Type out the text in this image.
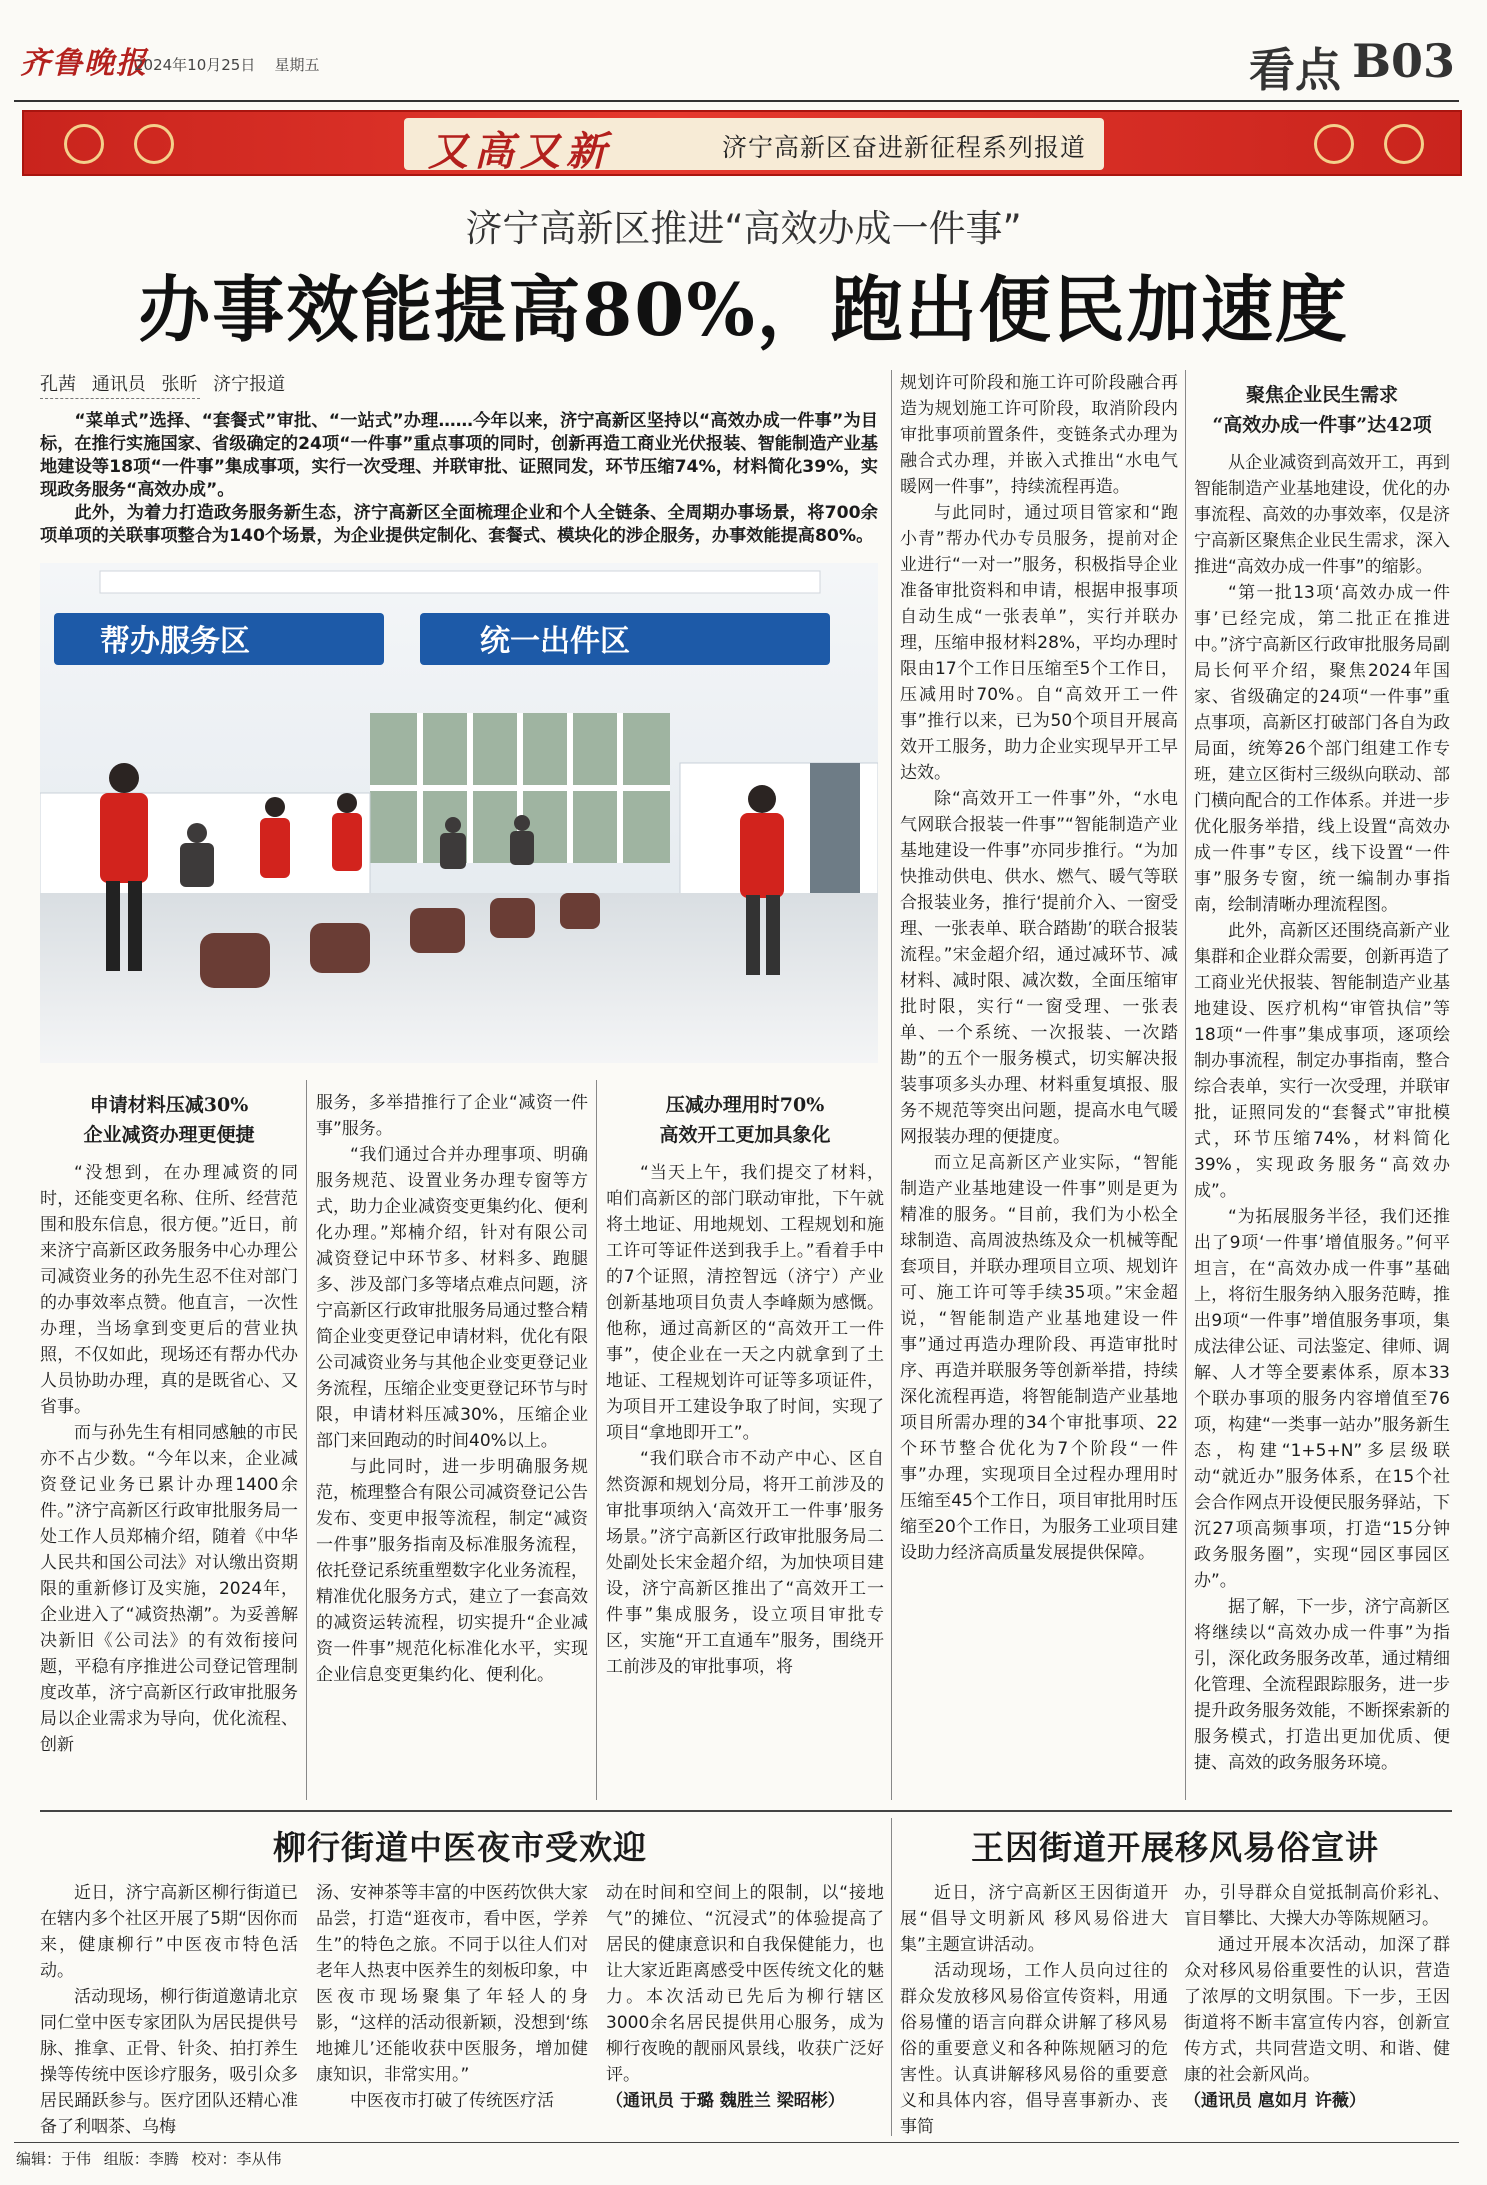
齐鲁晚报
2024年10月25日 星期五	看点 B03
又高又新	济宁高新区奋进新征程系列报道
济宁高新区推进“高效办成一件事”
办事效能提高80%，跑出便民加速度
孔茜 通讯员 张昕 济宁报道

“菜单式”选择、“套餐式”审批、“一站式”办理……今年以来，济宁高新区坚持以“高效办成一件事”为目标，在推行实施国家、省级确定的24项“一件事”重点事项的同时，创新再造工商业光伏报装、智能制造产业基地建设等18项“一件事”集成事项，实行一次受理、并联审批、证照同发，环节压缩74%，材料简化39%，实现政务服务“高效办成”。

此外，为着力打造政务服务新生态，济宁高新区全面梳理企业和个人全链条、全周期办事场景，将700余项单项的关联事项整合为140个场景，为企业提供定制化、套餐式、模块化的涉企服务，办事效能提高80%。

帮办服务区	统一出件区
申请材料压减30%
企业减资办理更便捷

“没想到，在办理减资的同时，还能变更名称、住所、经营范围和股东信息，很方便。”近日，前来济宁高新区政务服务中心办理公司减资业务的孙先生忍不住对部门的办事效率点赞。他直言，一次性办理，当场拿到变更后的营业执照，不仅如此，现场还有帮办代办人员协助办理，真的是既省心、又省事。

而与孙先生有相同感触的市民亦不占少数。“今年以来，企业减资登记业务已累计办理1400余件。”济宁高新区行政审批服务局一处工作人员郑楠介绍，随着《中华人民共和国公司法》对认缴出资期限的重新修订及实施，2024年，企业进入了“减资热潮”。为妥善解决新旧《公司法》的有效衔接问题，平稳有序推进公司登记管理制度改革，济宁高新区行政审批服务局以企业需求为导向，优化流程、创新

服务，多举措推行了企业“减资一件事”服务。

“我们通过合并办理事项、明确服务规范、设置业务办理专窗等方式，助力企业减资变更集约化、便利化办理。”郑楠介绍，针对有限公司减资登记中环节多、材料多、跑腿多、涉及部门多等堵点难点问题，济宁高新区行政审批服务局通过整合精简企业变更登记申请材料，优化有限公司减资业务与其他企业变更登记业务流程，压缩企业变更登记环节与时限，申请材料压减30%，压缩企业部门来回跑动的时间40%以上。

与此同时，进一步明确服务规范，梳理整合有限公司减资登记公告发布、变更申报等流程，制定“减资一件事”服务指南及标准服务流程，依托登记系统重塑数字化业务流程，精准优化服务方式，建立了一套高效的减资运转流程，切实提升“企业减资一件事”规范化标准化水平，实现企业信息变更集约化、便利化。

压减办理用时70%
高效开工更加具象化

“当天上午，我们提交了材料，咱们高新区的部门联动审批，下午就将土地证、用地规划、工程规划和施工许可等证件送到我手上。”看着手中的7个证照，清控智远（济宁）产业创新基地项目负责人李峰颇为感慨。他称，通过高新区的“高效开工一件事”，使企业在一天之内就拿到了土地证、工程规划许可证等多项证件，为项目开工建设争取了时间，实现了项目“拿地即开工”。

“我们联合市不动产中心、区自然资源和规划分局，将开工前涉及的审批事项纳入‘高效开工一件事’服务场景。”济宁高新区行政审批服务局二处副处长宋金超介绍，为加快项目建设，济宁高新区推出了“高效开工一件事”集成服务，设立项目审批专区，实施“开工直通车”服务，围绕开工前涉及的审批事项，将

规划许可阶段和施工许可阶段融合再造为规划施工许可阶段，取消阶段内审批事项前置条件，变链条式办理为融合式办理，并嵌入式推出“水电气暖网一件事”，持续流程再造。

与此同时，通过项目管家和“跑小青”帮办代办专员服务，提前对企业进行“一对一”服务，积极指导企业准备审批资料和申请，根据申报事项自动生成“一张表单”，实行并联办理，压缩申报材料28%，平均办理时限由17个工作日压缩至5个工作日，压减用时70%。自“高效开工一件事”推行以来，已为50个项目开展高效开工服务，助力企业实现早开工早达效。

除“高效开工一件事”外，“水电气网联合报装一件事”“智能制造产业基地建设一件事”亦同步推行。“为加快推动供电、供水、燃气、暖气等联合报装业务，推行‘提前介入、一窗受理、一张表单、联合踏勘’的联合报装流程。”宋金超介绍，通过减环节、减材料、减时限、减次数，全面压缩审批时限，实行“一窗受理、一张表单、一个系统、一次报装、一次踏勘”的五个一服务模式，切实解决报装事项多头办理、材料重复填报、服务不规范等突出问题，提高水电气暖网报装办理的便捷度。

而立足高新区产业实际，“智能制造产业基地建设一件事”则是更为精准的服务。“目前，我们为小松全球制造、高周波热练及众一机械等配套项目，并联办理项目立项、规划许可、施工许可等手续35项。”宋金超说，“智能制造产业基地建设一件事”通过再造办理阶段、再造审批时序、再造并联服务等创新举措，持续深化流程再造，将智能制造产业基地项目所需办理的34个审批事项、22个环节整合优化为7个阶段“一件事”办理，实现项目全过程办理用时压缩至45个工作日，项目审批用时压缩至20个工作日，为服务工业项目建设助力经济高质量发展提供保障。

聚焦企业民生需求
“高效办成一件事”达42项

从企业减资到高效开工，再到智能制造产业基地建设，优化的办事流程、高效的办事效率，仅是济宁高新区聚焦企业民生需求，深入推进“高效办成一件事”的缩影。

“第一批13项‘高效办成一件事’已经完成，第二批正在推进中。”济宁高新区行政审批服务局副局长何平介绍，聚焦2024年国家、省级确定的24项“一件事”重点事项，高新区打破部门各自为政局面，统筹26个部门组建工作专班，建立区街村三级纵向联动、部门横向配合的工作体系。并进一步优化服务举措，线上设置“高效办成一件事”专区，线下设置“一件事”服务专窗，统一编制办事指南，绘制清晰办理流程图。

此外，高新区还围绕高新产业集群和企业群众需要，创新再造了工商业光伏报装、智能制造产业基地建设、医疗机构“审管执信”等18项“一件事”集成事项，逐项绘制办事流程，制定办事指南，整合综合表单，实行一次受理，并联审批，证照同发的“套餐式”审批模式，环节压缩74%，材料简化39%，实现政务服务“高效办成”。

“为拓展服务半径，我们还推出了9项‘一件事’增值服务。”何平坦言，在“高效办成一件事”基础上，将衍生服务纳入服务范畴，推出9项“一件事”增值服务事项，集成法律公证、司法鉴定、律师、调解、人才等全要素体系，原本33个联办事项的服务内容增值至76项，构建“一类事一站办”服务新生态，构建“1+5+N”多层级联动“就近办”服务体系，在15个社会合作网点开设便民服务驿站，下沉27项高频事项，打造“15分钟政务服务圈”，实现“园区事园区办”。

据了解，下一步，济宁高新区将继续以“高效办成一件事”为指引，深化政务服务改革，通过精细化管理、全流程跟踪服务，进一步提升政务服务效能，不断探索新的服务模式，打造出更加优质、便捷、高效的政务服务环境。

柳行街道中医夜市受欢迎

近日，济宁高新区柳行街道已在辖内多个社区开展了5期“因你而来，健康柳行”中医夜市特色活动。

活动现场，柳行街道邀请北京同仁堂中医专家团队为居民提供号脉、推拿、正骨、针灸、拍打养生操等传统中医诊疗服务，吸引众多居民踊跃参与。医疗团队还精心准备了利咽茶、乌梅

汤、安神茶等丰富的中医药饮供大家品尝，打造“逛夜市，看中医，学养生”的特色之旅。不同于以往人们对老年人热衷中医养生的刻板印象，中医夜市现场聚集了年轻人的身影，“这样的活动很新颖，没想到‘练地摊儿’还能收获中医服务，增加健康知识，非常实用。”

中医夜市打破了传统医疗活

动在时间和空间上的限制，以“接地气”的摊位、“沉浸式”的体验提高了居民的健康意识和自我保健能力，也让大家近距离感受中医传统文化的魅力。本次活动已先后为柳行辖区3000余名居民提供用心服务，成为柳行夜晚的靓丽风景线，收获广泛好评。

（通讯员 于璐 魏胜兰 梁昭彬）

王因街道开展移风易俗宣讲

近日，济宁高新区王因街道开展“倡导文明新风 移风易俗进大集”主题宣讲活动。

活动现场，工作人员向过往的群众发放移风易俗宣传资料，用通俗易懂的语言向群众讲解了移风易俗的重要意义和各种陈规陋习的危害性。认真讲解移风易俗的重要意义和具体内容，倡导喜事新办、丧事简

办，引导群众自觉抵制高价彩礼、盲目攀比、大操大办等陈规陋习。

通过开展本次活动，加深了群众对移风易俗重要性的认识，营造了浓厚的文明氛围。下一步，王因街道将不断丰富宣传内容，创新宣传方式，共同营造文明、和谐、健康的社会新风尚。

（通讯员 扈如月 许薇）

编辑：于伟 组版：李腾 校对：李从伟
